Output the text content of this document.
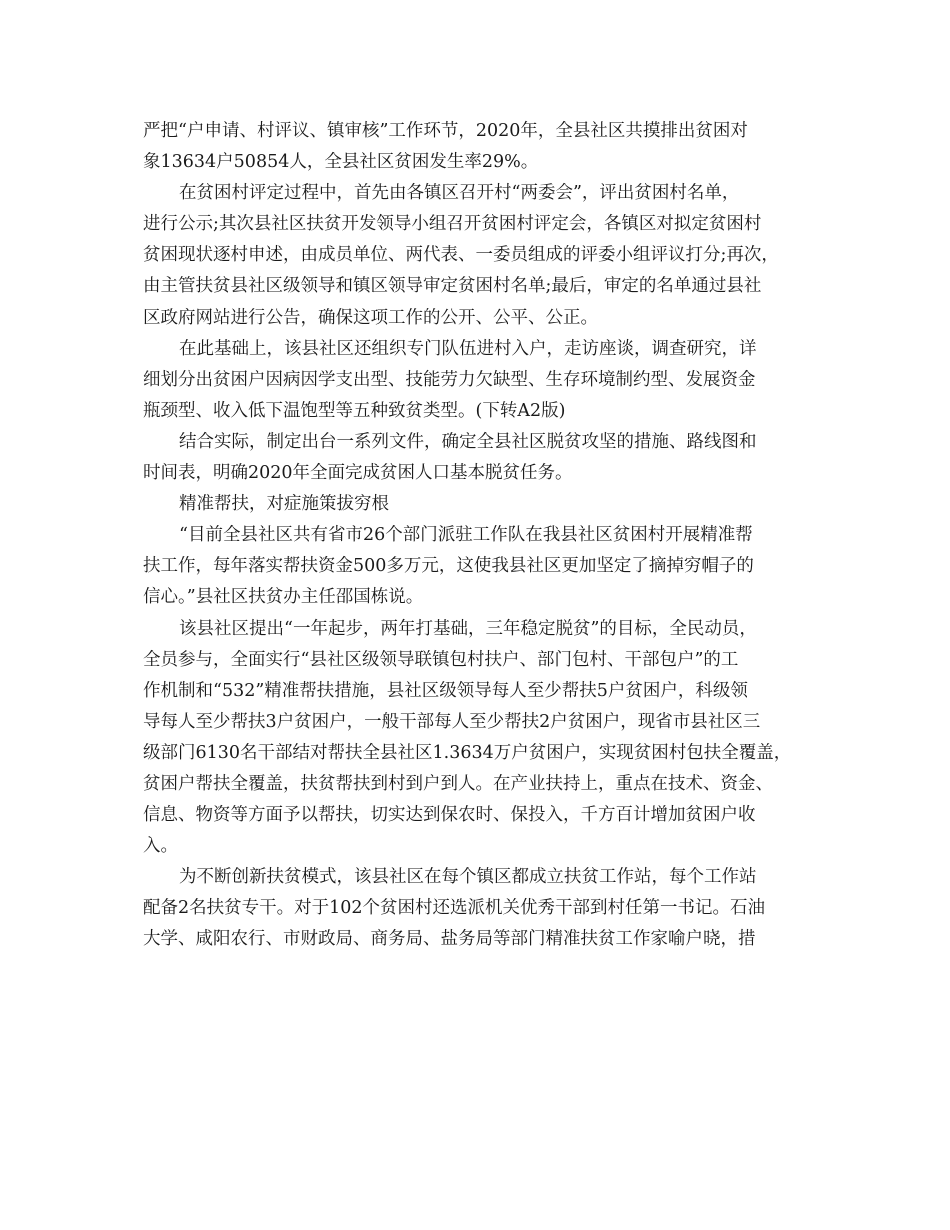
严把“户申请、村评议、镇审核”工作环节，2020年，全县社区共摸排出贫困对
象13634户50854人，全县社区贫困发生率29%。
在贫困村评定过程中，首先由各镇区召开村“两委会”，评出贫困村名单，
进行公示;其次县社区扶贫开发领导小组召开贫困村评定会，各镇区对拟定贫困村
贫困现状逐村申述，由成员单位、两代表、一委员组成的评委小组评议打分;再次，
由主管扶贫县社区级领导和镇区领导审定贫困村名单;最后，审定的名单通过县社
区政府网站进行公告，确保这项工作的公开、公平、公正。
在此基础上，该县社区还组织专门队伍进村入户，走访座谈，调查研究，详
细划分出贫困户因病因学支出型、技能劳力欠缺型、生存环境制约型、发展资金
瓶颈型、收入低下温饱型等五种致贫类型。(下转A2版)
结合实际，制定出台一系列文件，确定全县社区脱贫攻坚的措施、路线图和
时间表，明确2020年全面完成贫困人口基本脱贫任务。
精准帮扶，对症施策拔穷根
“目前全县社区共有省市26个部门派驻工作队在我县社区贫困村开展精准帮
扶工作，每年落实帮扶资金500多万元，这使我县社区更加坚定了摘掉穷帽子的
信心。”县社区扶贫办主任邵国栋说。
该县社区提出“一年起步，两年打基础，三年稳定脱贫”的目标，全民动员，
全员参与，全面实行“县社区级领导联镇包村扶户、部门包村、干部包户”的工
作机制和“532”精准帮扶措施，县社区级领导每人至少帮扶5户贫困户，科级领
导每人至少帮扶3户贫困户，一般干部每人至少帮扶2户贫困户，现省市县社区三
级部门6130名干部结对帮扶全县社区1.3634万户贫困户，实现贫困村包扶全覆盖，
贫困户帮扶全覆盖，扶贫帮扶到村到户到人。在产业扶持上，重点在技术、资金、
信息、物资等方面予以帮扶，切实达到保农时、保投入，千方百计增加贫困户收
入。
为不断创新扶贫模式，该县社区在每个镇区都成立扶贫工作站，每个工作站
配备2名扶贫专干。对于102个贫困村还选派机关优秀干部到村任第一书记。石油
大学、咸阳农行、市财政局、商务局、盐务局等部门精准扶贫工作家喻户晓，措
